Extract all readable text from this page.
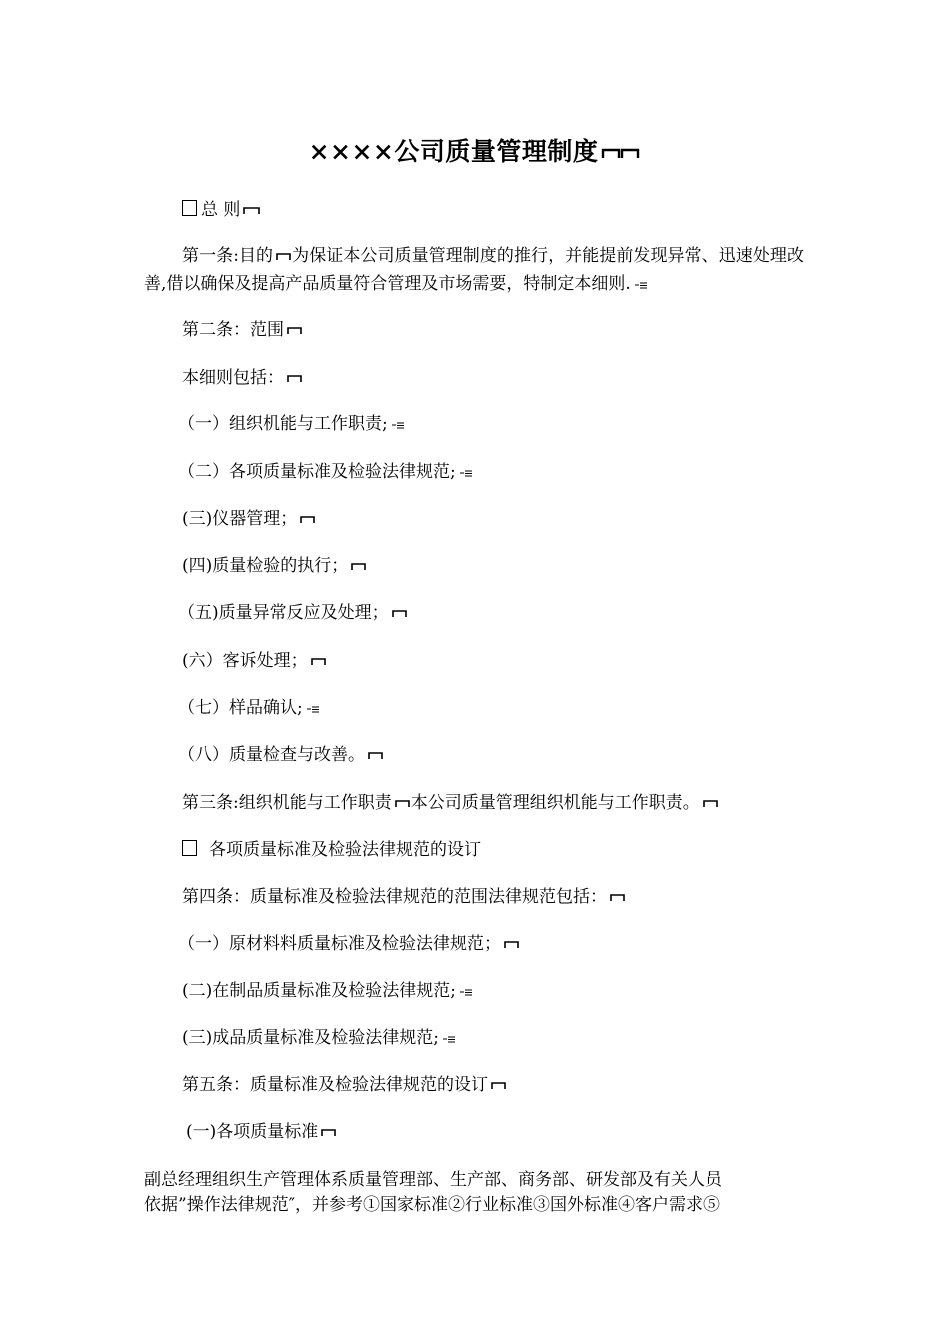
××××公司质量管理制度
总 则
第一条:目的 为保证本公司质量管理制度的推行，并能提前发现异常、迅速处理改善,借以确保及提高产品质量符合管理及市场需要，特制定本细则.
第二条：范围
本细则包括：
（一）组织机能与工作职责;
（二）各项质量标准及检验法律规范;
(三)仪器管理；
(四)质量检验的执行；
（五)质量异常反应及处理；
(六）客诉处理；
（七）样品确认;
（八）质量检查与改善。
第三条:组织机能与工作职责 本公司质量管理组织机能与工作职责。
各项质量标准及检验法律规范的设订
第四条：质量标准及检验法律规范的范围法律规范包括：
（一）原材料料质量标准及检验法律规范；
(二)在制品质量标准及检验法律规范;
(三)成品质量标准及检验法律规范;
第五条：质量标准及检验法律规范的设订
(一)各项质量标准
副总经理组织生产管理体系质量管理部、生产部、商务部、研发部及有关人员
依据”操作法律规范″，并参考①国家标准②行业标准③国外标准④客户需求⑤
